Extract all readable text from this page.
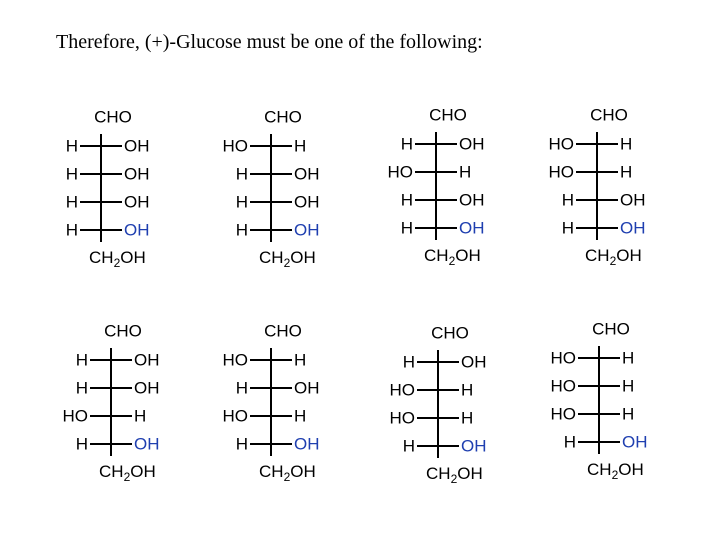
Therefore, (+)-Glucose must be one of the following:
CHO
H	OH
H	OH
H	OH
H	OH
$CH_2OH$
CHO
HO	H
H	OH
H	OH
H	OH
$CH_2OH$
CHO
H	OH
HO	H
H	OH
H	OH
$CH_2OH$
CHO
HO	H
HO	H
H	OH
H	OH
$CH_2OH$
CHO
H	OH
H	OH
HO	H
H	OH
$CH_2OH$
CHO
HO	H
H	OH
HO	H
H	OH
$CH_2OH$
CHO
H	OH
HO	H
HO	H
H	OH
$CH_2OH$
CHO
HO	H
HO	H
HO	H
H	OH
$CH_2OH$
